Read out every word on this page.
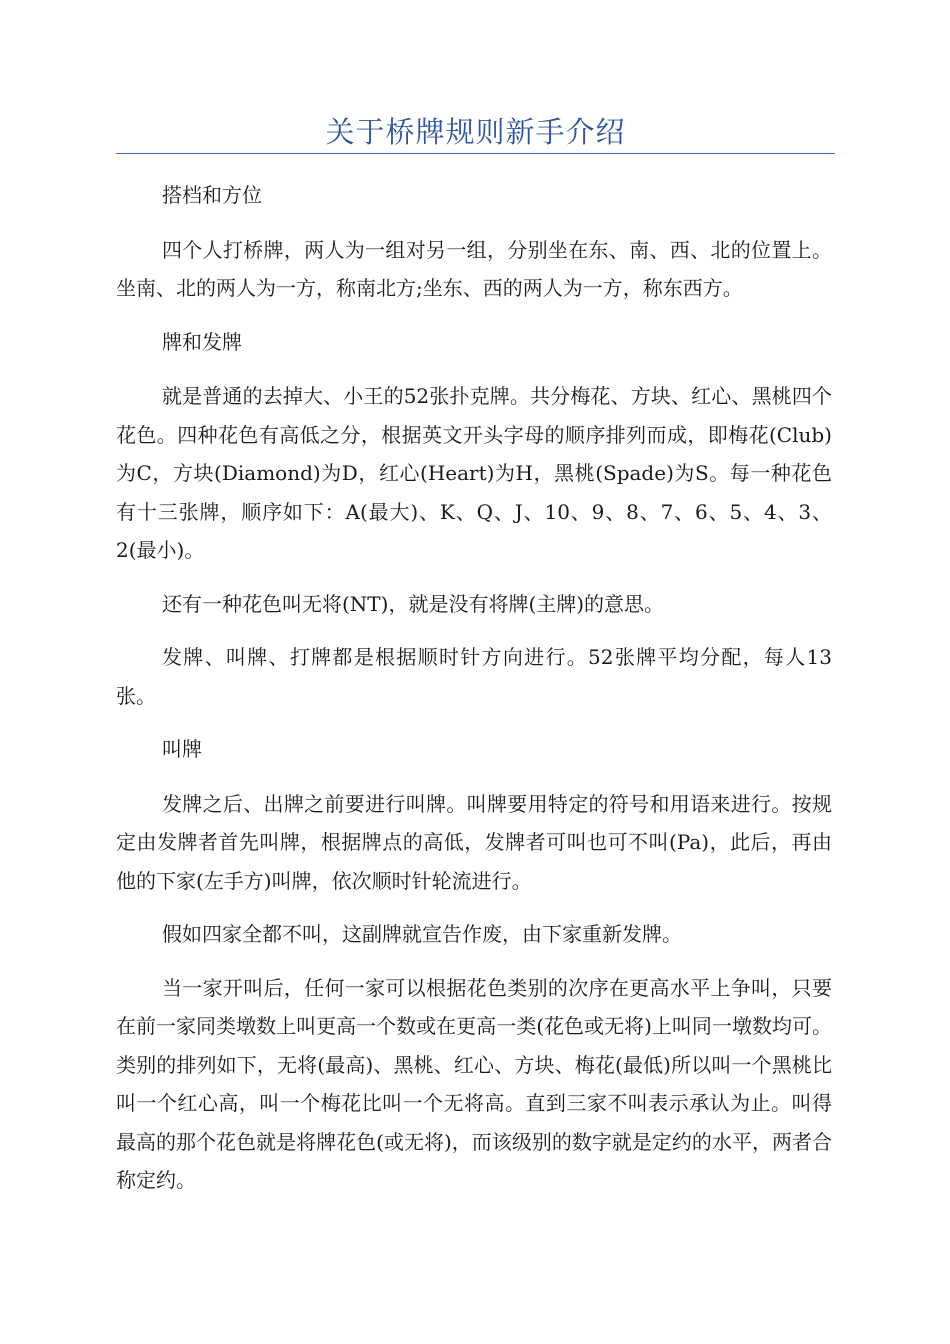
关于桥牌规则新手介绍

搭档和方位

四个人打桥牌，两人为一组对另一组，分别坐在东、南、西、北的位置上。坐南、北的两人为一方，称南北方;坐东、西的两人为一方，称东西方。

牌和发牌

就是普通的去掉大、小王的52张扑克牌。共分梅花、方块、红心、黑桃四个花色。四种花色有高低之分，根据英文开头字母的顺序排列而成，即梅花(Club)为C，方块(Diamond)为D，红心(Heart)为H，黑桃(Spade)为S。每一种花色有十三张牌，顺序如下：A(最大)、K、Q、J、10、9、8、7、6、5、4、3、2(最小)。

还有一种花色叫无将(NT)，就是没有将牌(主牌)的意思。

发牌、叫牌、打牌都是根据顺时针方向进行。52张牌平均分配，每人13张。

叫牌

发牌之后、出牌之前要进行叫牌。叫牌要用特定的符号和用语来进行。按规定由发牌者首先叫牌，根据牌点的高低，发牌者可叫也可不叫(Pa)，此后，再由他的下家(左手方)叫牌，依次顺时针轮流进行。

假如四家全都不叫，这副牌就宣告作废，由下家重新发牌。

当一家开叫后，任何一家可以根据花色类别的次序在更高水平上争叫，只要在前一家同类墩数上叫更高一个数或在更高一类(花色或无将)上叫同一墩数均可。类别的排列如下，无将(最高)、黑桃、红心、方块、梅花(最低)所以叫一个黑桃比叫一个红心高，叫一个梅花比叫一个无将高。直到三家不叫表示承认为止。叫得最高的那个花色就是将牌花色(或无将)，而该级别的数字就是定约的水平，两者合称定约。
